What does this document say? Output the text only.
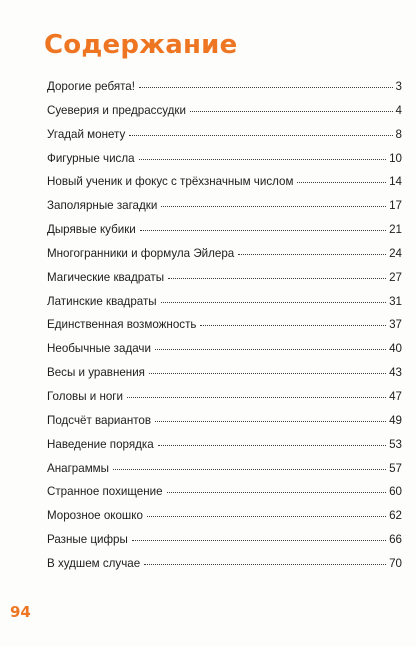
Содержание
Дорогие ребята!	3
Суеверия и предрассудки	4
Угадай монету	8
Фигурные числа	10
Новый ученик и фокус с трёхзначным числом	14
Заполярные загадки	17
Дырявые кубики	21
Многогранники и формула Эйлера	24
Магические квадраты	27
Латинские квадраты	31
Единственная возможность	37
Необычные задачи	40
Весы и уравнения	43
Головы и ноги	47
Подсчёт вариантов	49
Наведение порядка	53
Анаграммы	57
Странное похищение	60
Морозное окошко	62
Разные цифры	66
В худшем случае	70
94
